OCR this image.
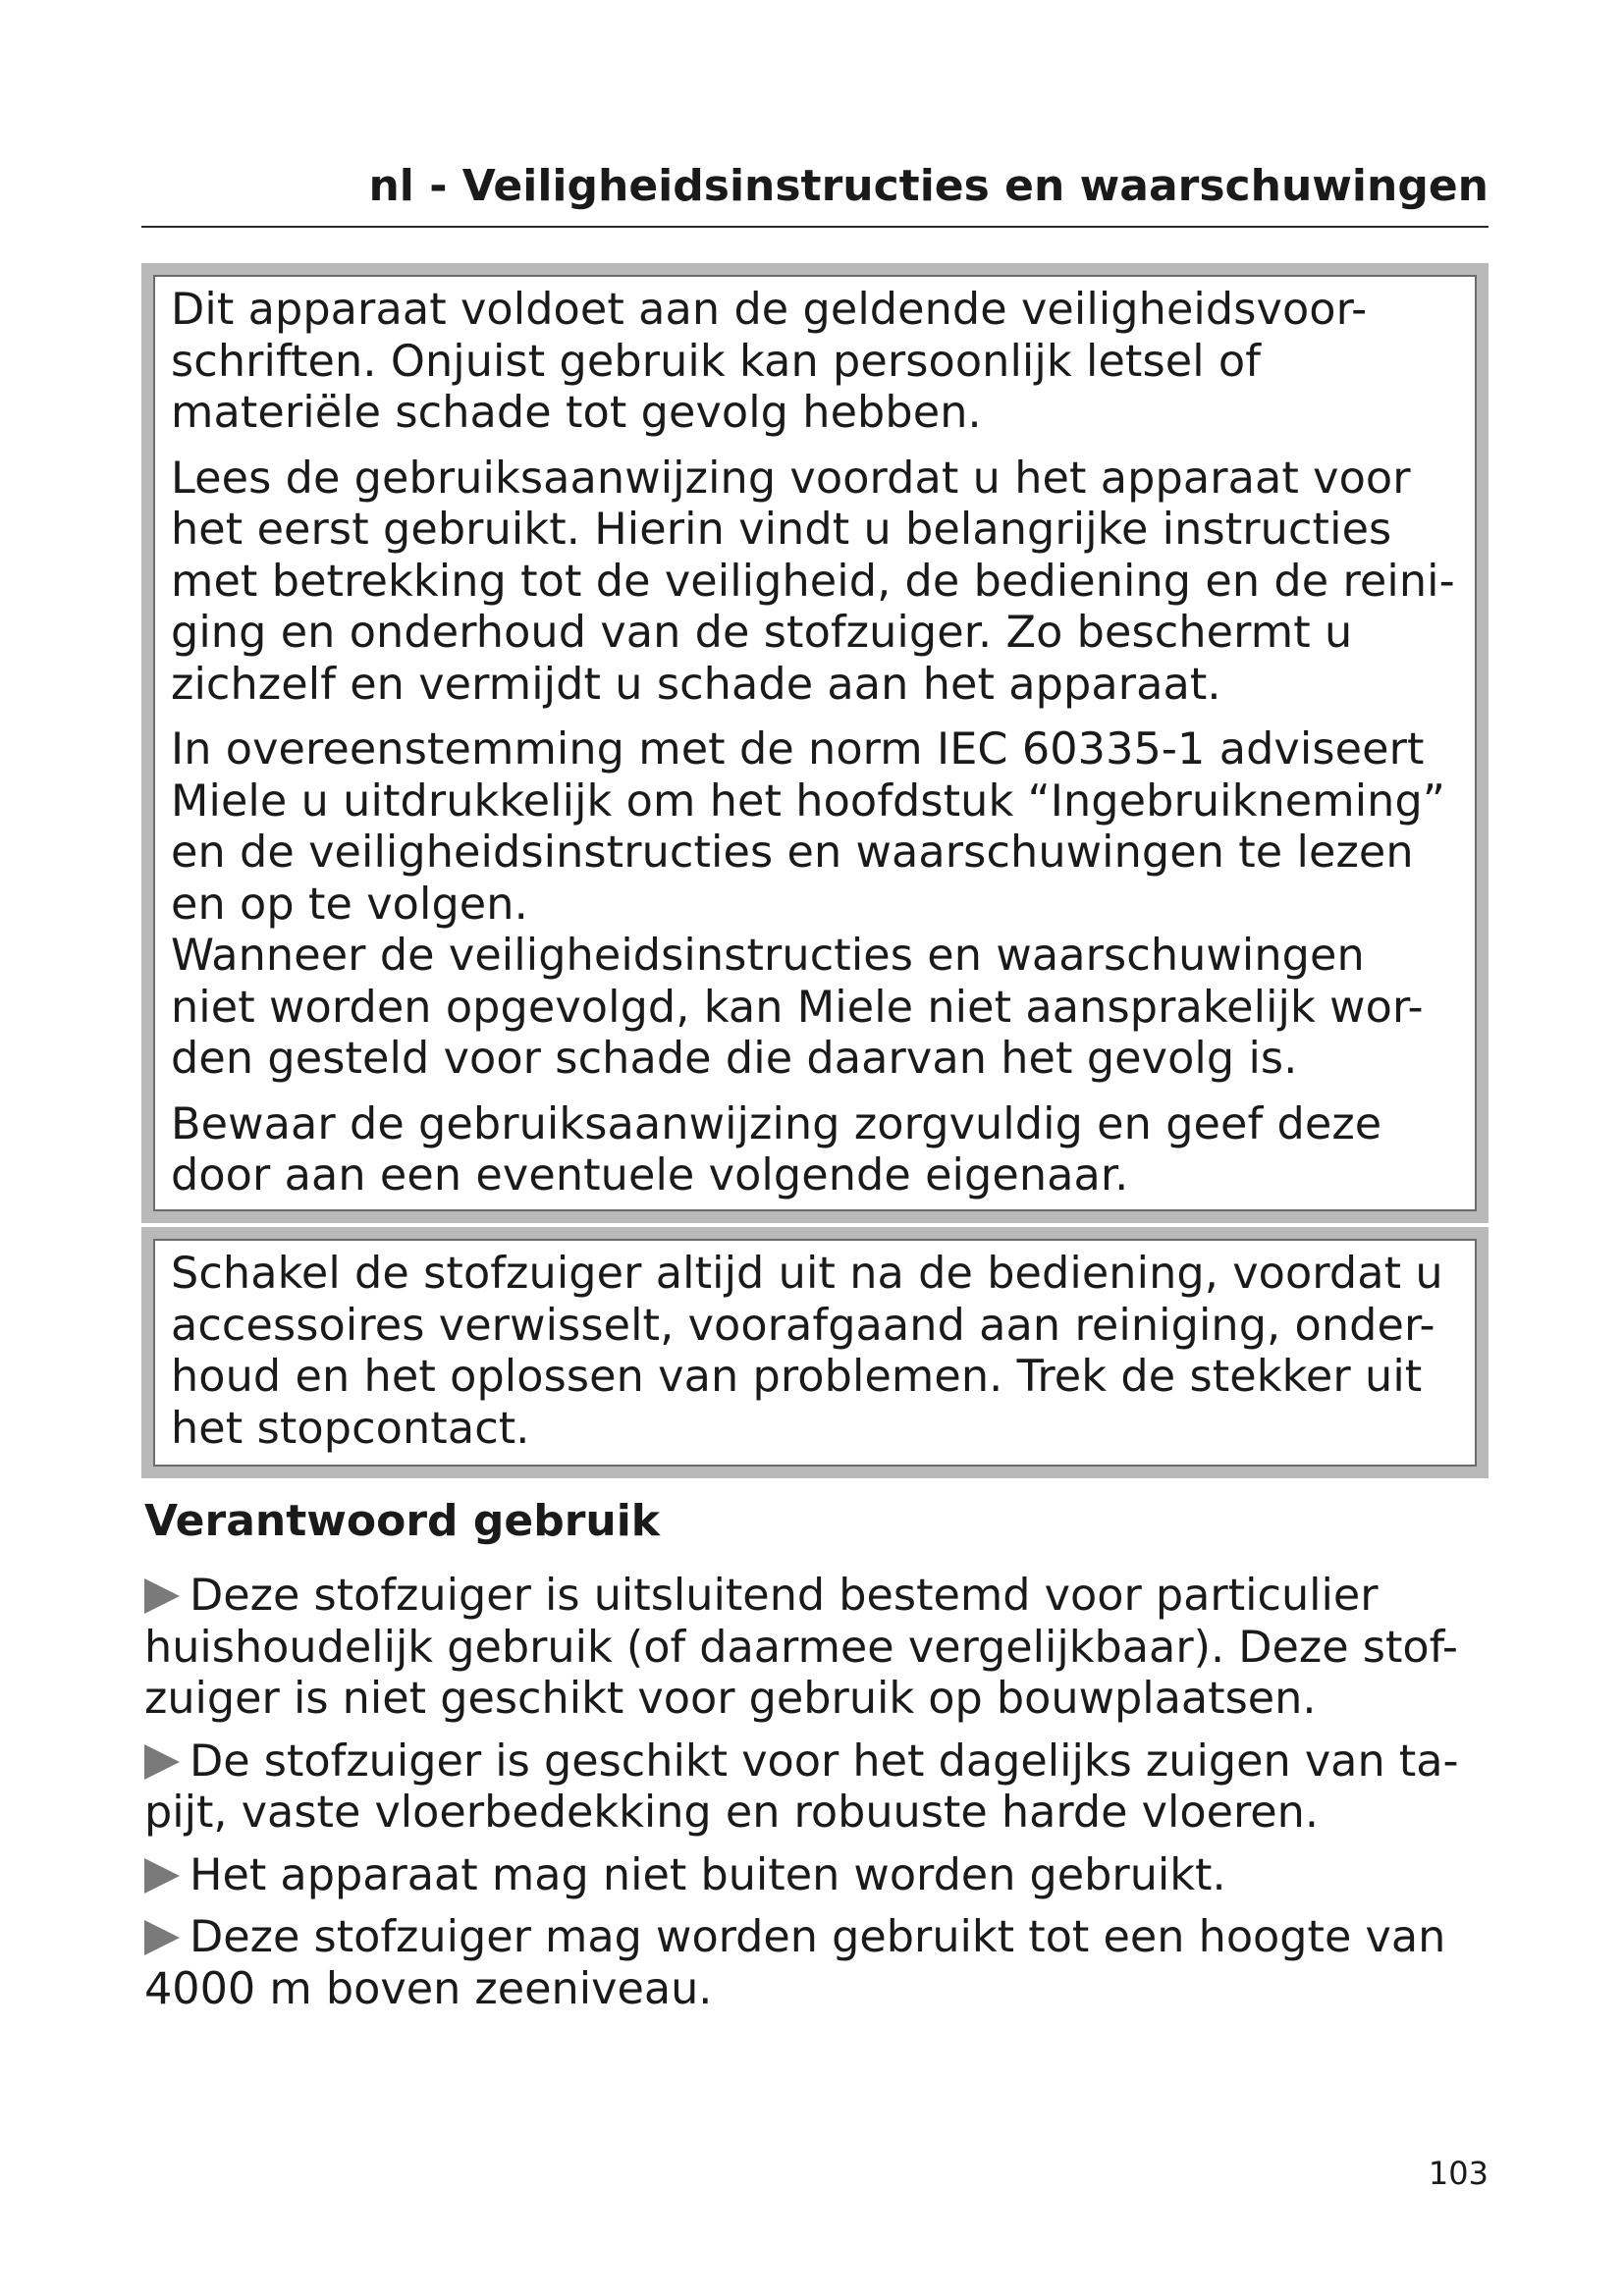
nl - Veiligheidsinstructies en waarschuwingen

Dit apparaat voldoet aan de geldende veiligheidsvoor-
schriften. Onjuist gebruik kan persoonlijk letsel of
materiële schade tot gevolg hebben.

Lees de gebruiksaanwijzing voordat u het apparaat voor
het eerst gebruikt. Hierin vindt u belangrijke instructies
met betrekking tot de veiligheid, de bediening en de reini-
ging en onderhoud van de stofzuiger. Zo beschermt u
zichzelf en vermijdt u schade aan het apparaat.

In overeenstemming met de norm IEC 60335-1 adviseert
Miele u uitdrukkelijk om het hoofdstuk “Ingebruikneming”
en de veiligheidsinstructies en waarschuwingen te lezen
en op te volgen.

Wanneer de veiligheidsinstructies en waarschuwingen
niet worden opgevolgd, kan Miele niet aansprakelijk wor-
den gesteld voor schade die daarvan het gevolg is.

Bewaar de gebruiksaanwijzing zorgvuldig en geef deze
door aan een eventuele volgende eigenaar.

Schakel de stofzuiger altijd uit na de bediening, voordat u
accessoires verwisselt, voorafgaand aan reiniging, onder-
houd en het oplossen van problemen. Trek de stekker uit
het stopcontact.

Verantwoord gebruik

Deze stofzuiger is uitsluitend bestemd voor particulier
huishoudelijk gebruik (of daarmee vergelijkbaar). Deze stof-
zuiger is niet geschikt voor gebruik op bouwplaatsen.

De stofzuiger is geschikt voor het dagelijks zuigen van ta-
pijt, vaste vloerbedekking en robuuste harde vloeren.

Het apparaat mag niet buiten worden gebruikt.

Deze stofzuiger mag worden gebruikt tot een hoogte van
4000 m boven zeeniveau.

103
